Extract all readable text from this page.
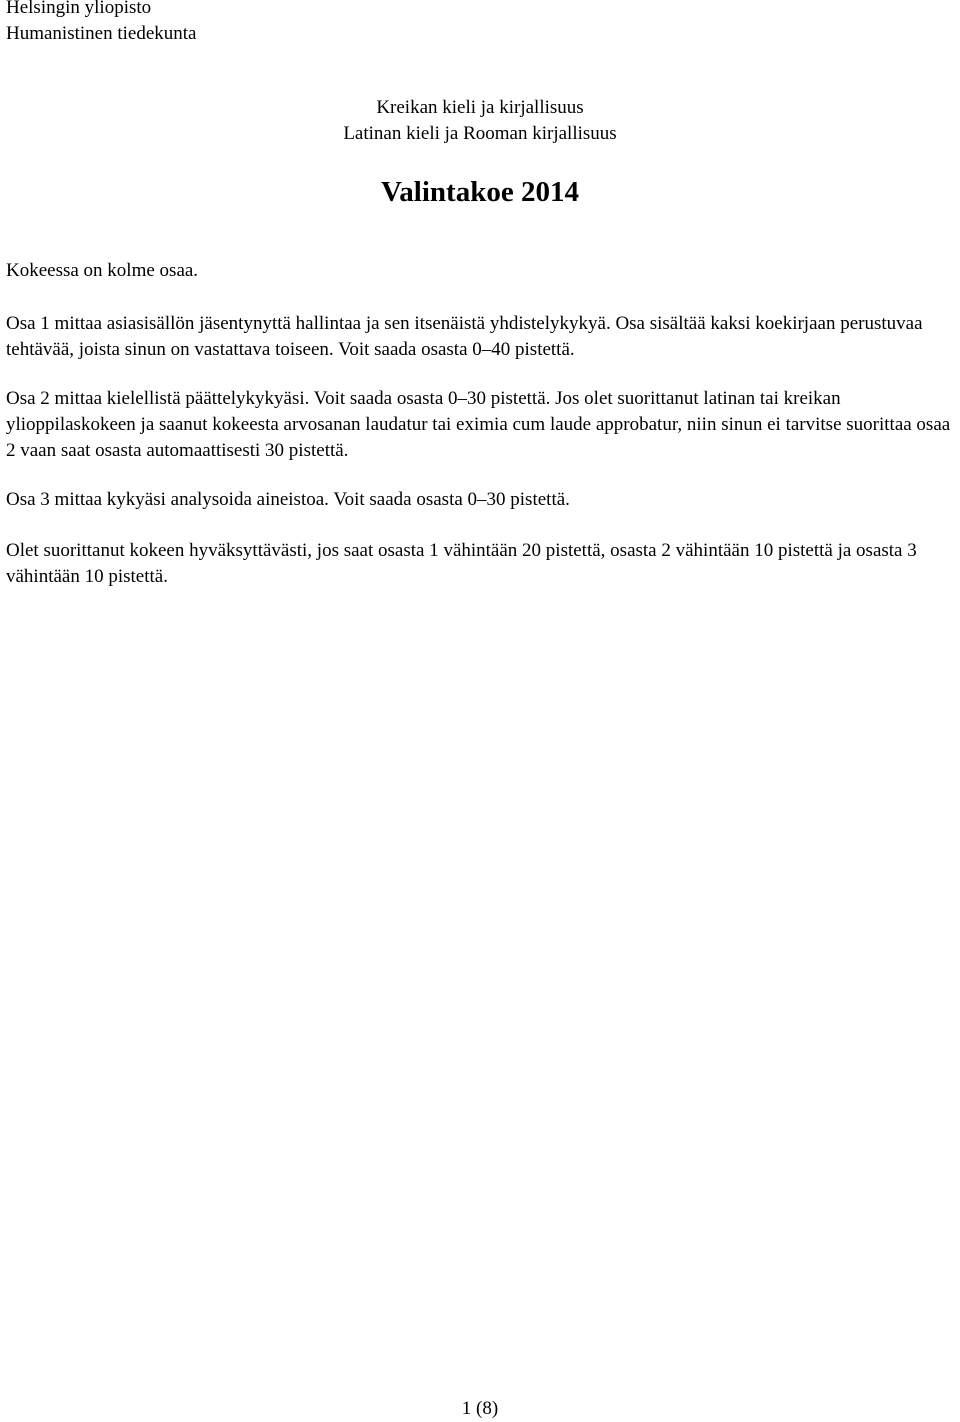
Helsingin yliopisto
Humanistinen tiedekunta
Kreikan kieli ja kirjallisuus
Latinan kieli ja Rooman kirjallisuus
Valintakoe 2014

Kokeessa on kolme osaa.

Osa 1 mittaa asiasisällön jäsentynyttä hallintaa ja sen itsenäistä yhdistelykykyä. Osa sisältää kaksi koekirjaan perustuvaa tehtävää, joista sinun on vastattava toiseen. Voit saada osasta 0–40 pistettä.

Osa 2 mittaa kielellistä päättelykykyäsi. Voit saada osasta 0–30 pistettä. Jos olet suorittanut latinan tai kreikan ylioppilaskokeen ja saanut kokeesta arvosanan laudatur tai eximia cum laude approbatur, niin sinun ei tarvitse suorittaa osaa 2 vaan saat osasta automaattisesti 30 pistettä.

Osa 3 mittaa kykyäsi analysoida aineistoa. Voit saada osasta 0–30 pistettä.

Olet suorittanut kokeen hyväksyttävästi, jos saat osasta 1 vähintään 20 pistettä, osasta 2 vähintään 10 pistettä ja osasta 3 vähintään 10 pistettä.

1 (8)
